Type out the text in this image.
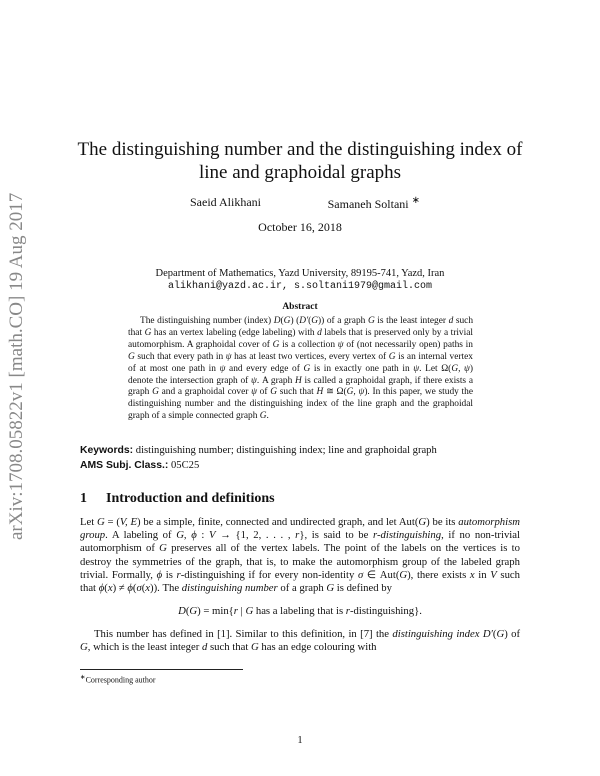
arXiv:1708.05822v1 [math.CO] 19 Aug 2017
The distinguishing number and the distinguishing index of
line and graphoidal graphs
Saeid Alikhani	Samaneh Soltani ∗
October 16, 2018
Department of Mathematics, Yazd University, 89195-741, Yazd, Iran
alikhani@yazd.ac.ir, s.soltani1979@gmail.com
Abstract
The distinguishing number (index) D(G) (D′(G)) of a graph G is the least integer d such that G has an vertex labeling (edge labeling) with d labels that is preserved only by a trivial automorphism. A graphoidal cover of G is a collection ψ of (not necessarily open) paths in G such that every path in ψ has at least two vertices, every vertex of G is an internal vertex of at most one path in ψ and every edge of G is in exactly one path in ψ. Let Ω(G, ψ) denote the intersection graph of ψ. A graph H is called a graphoidal graph, if there exists a graph G and a graphoidal cover ψ of G such that H ≅ Ω(G, ψ). In this paper, we study the distinguishing number and the distinguishing index of the line graph and the graphoidal graph of a simple connected graph G.
Keywords: distinguishing number; distinguishing index; line and graphoidal graph
AMS Subj. Class.: 05C25
1 Introduction and definitions
Let G = (V, E) be a simple, finite, connected and undirected graph, and let Aut(G) be its automorphism group. A labeling of G, ϕ : V → {1, 2, . . . , r}, is said to be r-distinguishing, if no non-trivial automorphism of G preserves all of the vertex labels. The point of the labels on the vertices is to destroy the symmetries of the graph, that is, to make the automorphism group of the labeled graph trivial. Formally, ϕ is r-distinguishing if for every non-identity σ ∈ Aut(G), there exists x in V such that ϕ(x) ≠ ϕ(σ(x)). The distinguishing number of a graph G is defined by
D(G) = min{r | G has a labeling that is r-distinguishing}.
This number has defined in [1]. Similar to this definition, in [7] the distinguishing index D′(G) of G, which is the least integer d such that G has an edge colouring with
∗Corresponding author
1
